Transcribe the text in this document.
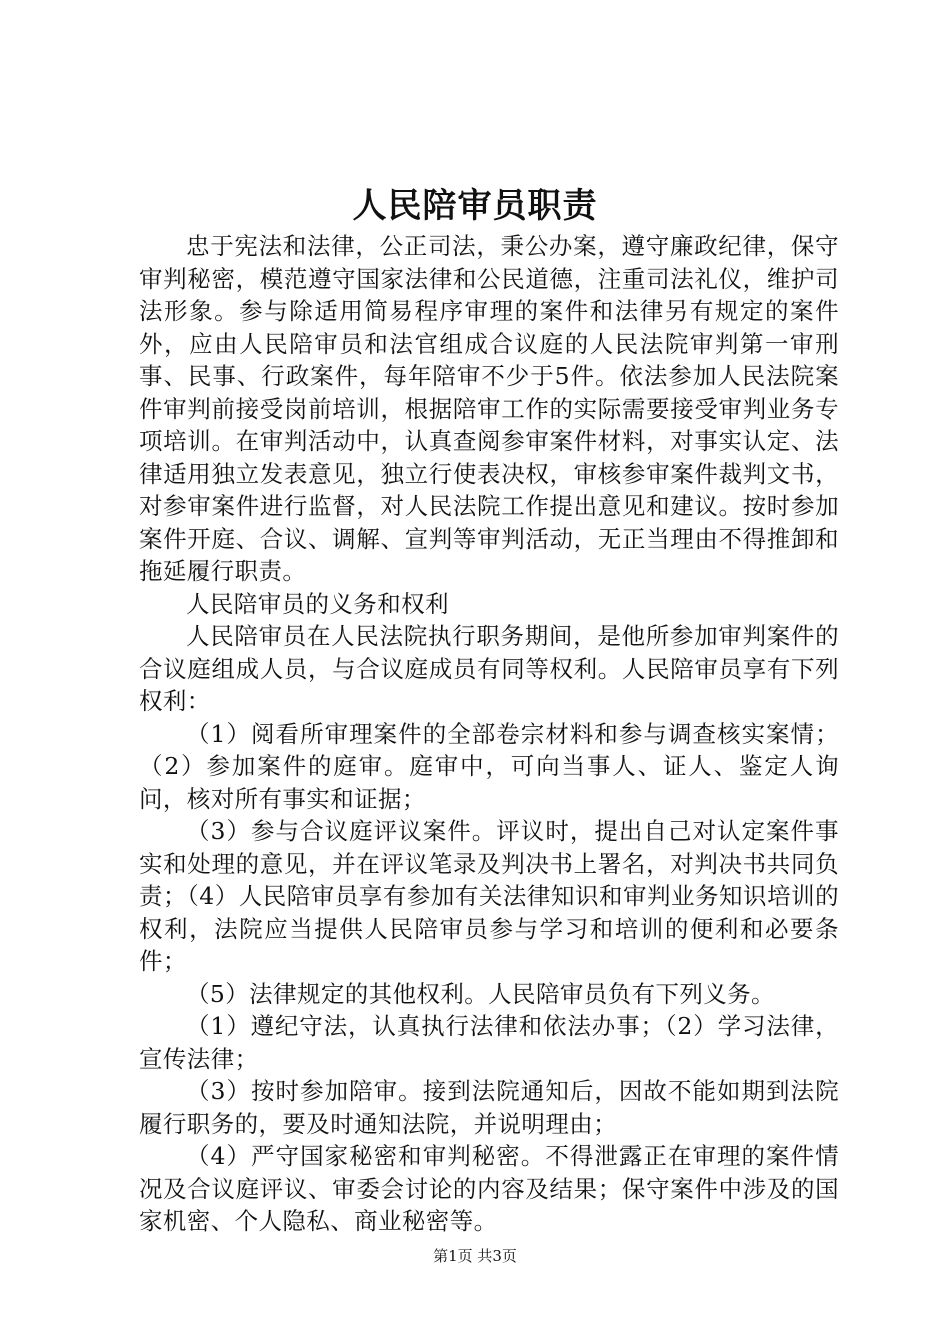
人民陪审员职责

忠于宪法和法律，公正司法，秉公办案，遵守廉政纪律，保守审判秘密，模范遵守国家法律和公民道德，注重司法礼仪，维护司法形象。参与除适用简易程序审理的案件和法律另有规定的案件外，应由人民陪审员和法官组成合议庭的人民法院审判第一审刑事、民事、行政案件，每年陪审不少于5件。依法参加人民法院案件审判前接受岗前培训，根据陪审工作的实际需要接受审判业务专项培训。在审判活动中，认真查阅参审案件材料，对事实认定、法律适用独立发表意见，独立行使表决权，审核参审案件裁判文书，对参审案件进行监督，对人民法院工作提出意见和建议。按时参加案件开庭、合议、调解、宣判等审判活动，无正当理由不得推卸和拖延履行职责。

人民陪审员的义务和权利

人民陪审员在人民法院执行职务期间，是他所参加审判案件的合议庭组成人员，与合议庭成员有同等权利。人民陪审员享有下列权利：

（1）阅看所审理案件的全部卷宗材料和参与调查核实案情；（2）参加案件的庭审。庭审中，可向当事人、证人、鉴定人询问，核对所有事实和证据；

（3）参与合议庭评议案件。评议时，提出自己对认定案件事实和处理的意见，并在评议笔录及判决书上署名，对判决书共同负责；（4）人民陪审员享有参加有关法律知识和审判业务知识培训的权利，法院应当提供人民陪审员参与学习和培训的便利和必要条件；

（5）法律规定的其他权利。人民陪审员负有下列义务。

（1）遵纪守法，认真执行法律和依法办事；（2）学习法律，宣传法律；

（3）按时参加陪审。接到法院通知后，因故不能如期到法院履行职务的，要及时通知法院，并说明理由；

（4）严守国家秘密和审判秘密。不得泄露正在审理的案件情况及合议庭评议、审委会讨论的内容及结果；保守案件中涉及的国家机密、个人隐私、商业秘密等。

第1页 共3页
